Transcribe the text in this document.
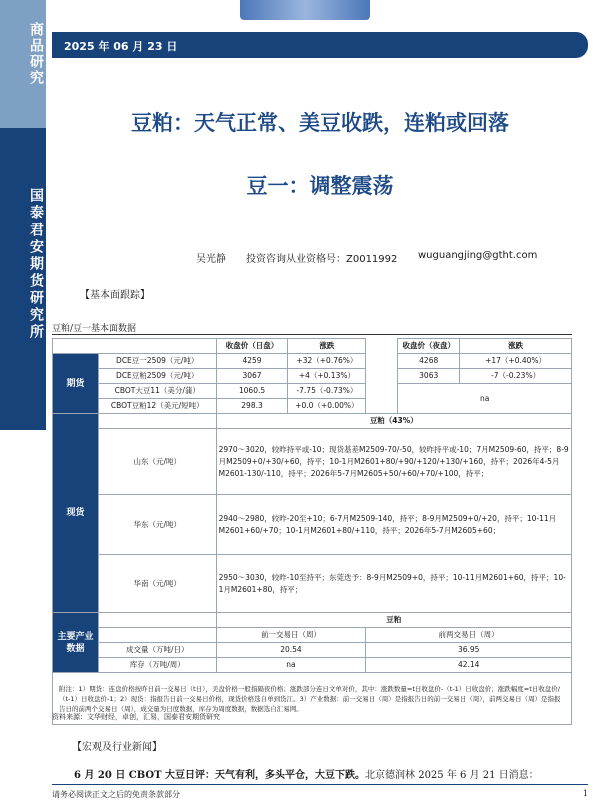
商品研究
国泰君安期货研究所
2025 年 06 月 23 日
豆粕：天气正常、美豆收跌，连粕或回落
豆一：调整震荡
吴光静 投资咨询从业资格号：Z0011992 wuguangjing@gtht.com
【基本面跟踪】
豆粕/豆一基本面数据
		收盘价（日盘）	涨跌		收盘价（夜盘）	涨跌
期货	DCE豆一2509（元/吨）	4259	+32（+0.76%）		4268	+17（+0.40%）
	DCE豆粕2509（元/吨）	3067	+4（+0.13%）		3063	-7（-0.23%）
	CBOT大豆11（美分/蒲）	1060.5	-7.75（-0.73%）		na	
	CBOT豆粕12（美元/短吨）	298.3	+0.0（+0.00%）			
现货		豆粕（43%）				
	山东（元/吨）	2970～3020，较昨持平或-10；现货基差M2509-70/-50，较昨持平或-10；7月M2509-60，持平；8-9月M2509+0/+30/+60，持平；10-1月M2601+80/+90/+120/+130/+160，持平；2026年4-5月M2601-130/-110，持平；2026年5-7月M2605+50/+60/+70/+100，持平；				
	华东（元/吨）	2940～2980，较昨-20至+10；6-7月M2509-140，持平；8-9月M2509+0/+20，持平；10-11月M2601+60/+70；10-1月M2601+80/+110，持平；2026年5-7月M2605+60；				
	华南（元/吨）	2950～3030，较昨-10至持平；东莞迭予：8-9月M2509+0，持平；10-11月M2601+60，持平；10-1月M2601+80，持平；				
主要产业数据		豆粕				
		前一交易日（周）		前两交易日（周）		
	成交量（万吨/日）	20.54		36.95		
	库存（万吨/周）	na		42.14		
附注：1）期货：连盘价格按昨日前一交易日（t日），美盘价格一般指隔夜价格；涨跌部分连日文单对价，其中：涨跌数量=t日收盘价-（t-1）日收盘价；涨跌幅度=t日收盘价/（t-1）日收盘价-1；2）现货：指报告日前一交易日价格，现货价格选自单到货江。3）产业数据：前一交易日（周）是指报告日的前一交易日（周），前两交易日（周）是指报告日的前两个交易日（周），成交量为日度数据，库存为周度数据，数据选自汇易网。						
资料来源：文华财经，卓创，汇易，国泰君安期货研究
【宏观及行业新闻】
6 月 20 日 CBOT 大豆日评：天气有利，多头平仓，大豆下跌。北京德润林 2025 年 6 月 21 日消息：
请务必阅读正文之后的免责条款部分	1
